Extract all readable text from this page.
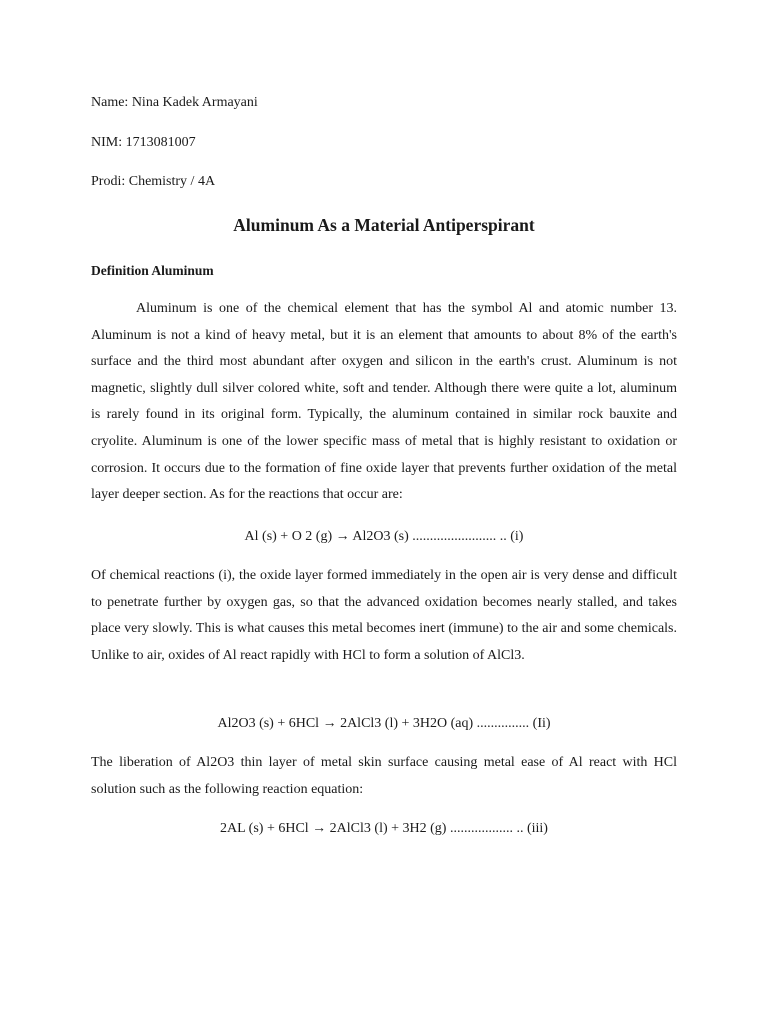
Name: Nina Kadek Armayani
NIM: 1713081007
Prodi: Chemistry / 4A
Aluminum As a Material Antiperspirant
Definition Aluminum

Aluminum is one of the chemical element that has the symbol Al and atomic number 13. Aluminum is not a kind of heavy metal, but it is an element that amounts to about 8% of the earth's surface and the third most abundant after oxygen and silicon in the earth's crust. Aluminum is not magnetic, slightly dull silver colored white, soft and tender. Although there were quite a lot, aluminum is rarely found in its original form. Typically, the aluminum contained in similar rock bauxite and cryolite. Aluminum is one of the lower specific mass of metal that is highly resistant to oxidation or corrosion. It occurs due to the formation of fine oxide layer that prevents further oxidation of the metal layer deeper section. As for the reactions that occur are:

Al (s) + O 2 (g) → Al2O3 (s) ........................ .. (i)

Of chemical reactions (i), the oxide layer formed immediately in the open air is very dense and difficult to penetrate further by oxygen gas, so that the advanced oxidation becomes nearly stalled, and takes place very slowly. This is what causes this metal becomes inert (immune) to the air and some chemicals. Unlike to air, oxides of Al react rapidly with HCl to form a solution of AlCl3.

Al2O3 (s) + 6HCl → 2AlCl3 (l) + 3H2O (aq) ............... (Ii)

The liberation of Al2O3 thin layer of metal skin surface causing metal ease of Al react with HCl solution such as the following reaction equation:

2AL (s) + 6HCl → 2AlCl3 (l) + 3H2 (g) .................. .. (iii)
